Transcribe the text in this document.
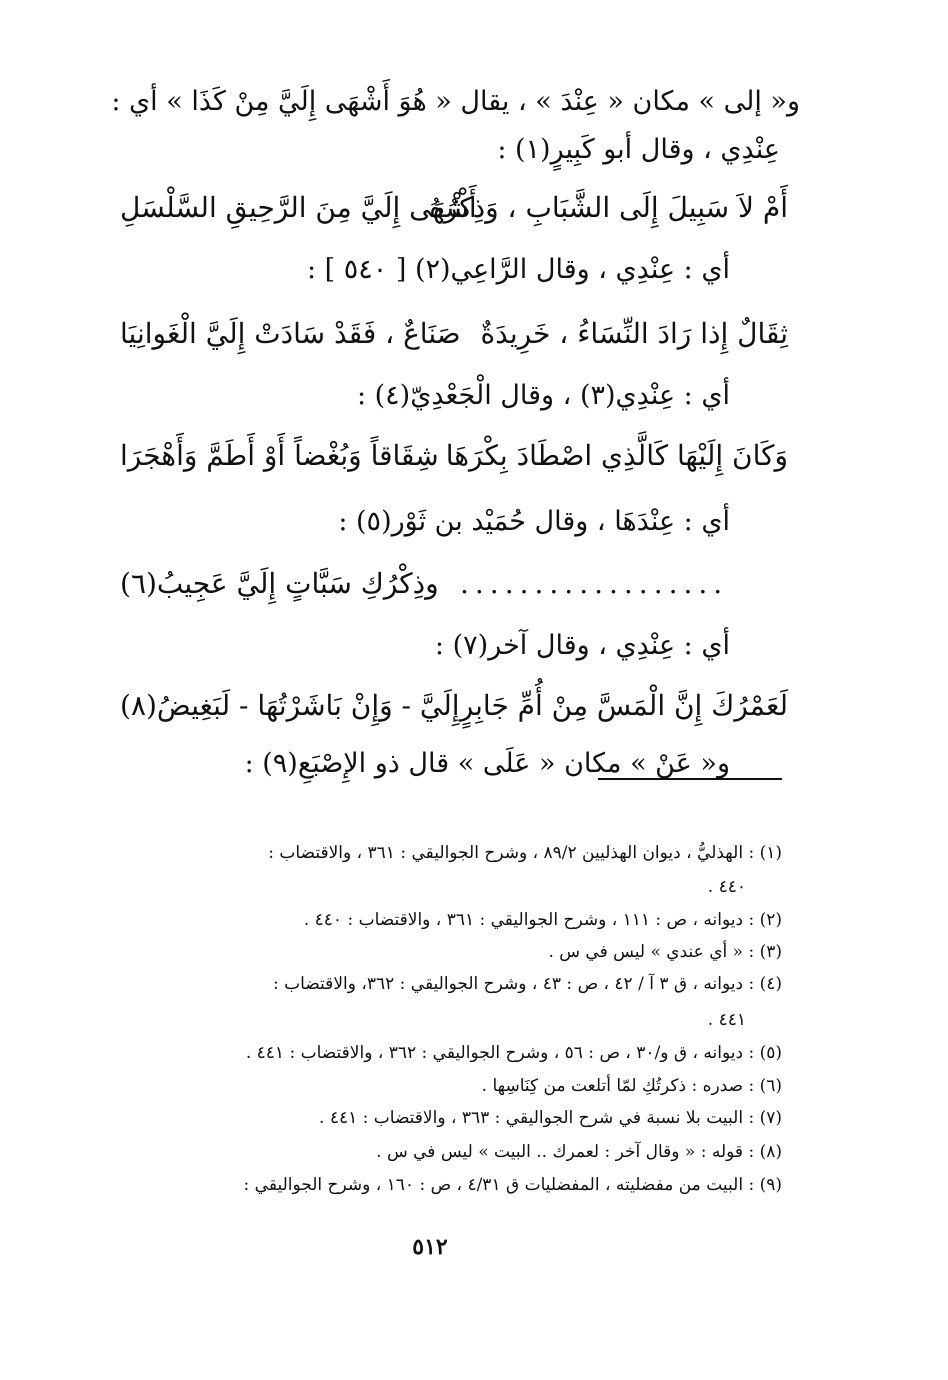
و« إلى » مكان « عِنْدَ » ، يقال « هُوَ أَشْهَى إِلَيَّ مِنْ كَذَا » أي :
عِنْدِي ، وقال أبو كَبِيرٍ(١) :
أَمْ لاَ سَبِيلَ إِلَى الشَّبَابِ ، وَذِكْرُهُ
أَشْهَى إِلَيَّ مِنَ الرَّحِيقِ السَّلْسَلِ
أي : عِنْدِي ، وقال الرَّاعِي(٢) [ ٥٤٠ ] :
ثِقَالٌ إِذا رَادَ النِّسَاءُ ، خَرِيدَةٌ
صَنَاعٌ ، فَقَدْ سَادَتْ إِلَيَّ الْغَوانِيَا
أي : عِنْدِي(٣) ، وقال الْجَعْدِيّ(٤) :
وَكَانَ إِلَيْهَا كَالَّذِي اصْطَادَ بِكْرَهَا
شِقَاقاً وَبُغْضاً أَوْ أَطَمَّ وَأَهْجَرَا
أي : عِنْدَهَا ، وقال حُمَيْد بن ثَوْر(٥) :
..................
وذِكْرُكِ سَبَّاتٍ إِلَيَّ عَجِيبُ(٦)
أي : عِنْدِي ، وقال آخر(٧) :
لَعَمْرُكَ إِنَّ الْمَسَّ مِنْ أُمِّ جَابِرٍ
إِلَيَّ - وَإِنْ بَاشَرْتُهَا - لَبَغِيضُ(٨)
و« عَنْ » مكان « عَلَى » قال ذو الإِصْبَعِ(٩) :
(١) : الهذليُّ ، ديوان الهذليين ٨٩/٢ ، وشرح الجواليقي : ٣٦١ ، والاقتضاب :
٤٤٠ .
(٢) : ديوانه ، ص : ١١١ ، وشرح الجواليقي : ٣٦١ ، والاقتضاب : ٤٤٠ .
(٣) : « أي عندي » ليس في س .
(٤) : ديوانه ، ق ٣ آ / ٤٢ ، ص : ٤٣ ، وشرح الجواليقي : ٣٦٢، والاقتضاب :
٤٤١ .
(٥) : ديوانه ، ق و/٣٠ ، ص : ٥٦ ، وشرح الجواليقي : ٣٦٢ ، والاقتضاب : ٤٤١ .
(٦) : صدره : ذكرتُكِ لمّا أتلعت من كِنَاسِها .
(٧) : البيت بلا نسبة في شرح الجواليقي : ٣٦٣ ، والاقتضاب : ٤٤١ .
(٨) : قوله : « وقال آخر : لعمرك .. البيت » ليس في س .
(٩) : البيت من مفضليته ، المفضليات ق ٤/٣١ ، ص : ١٦٠ ، وشرح الجواليقي :
٥١٢
